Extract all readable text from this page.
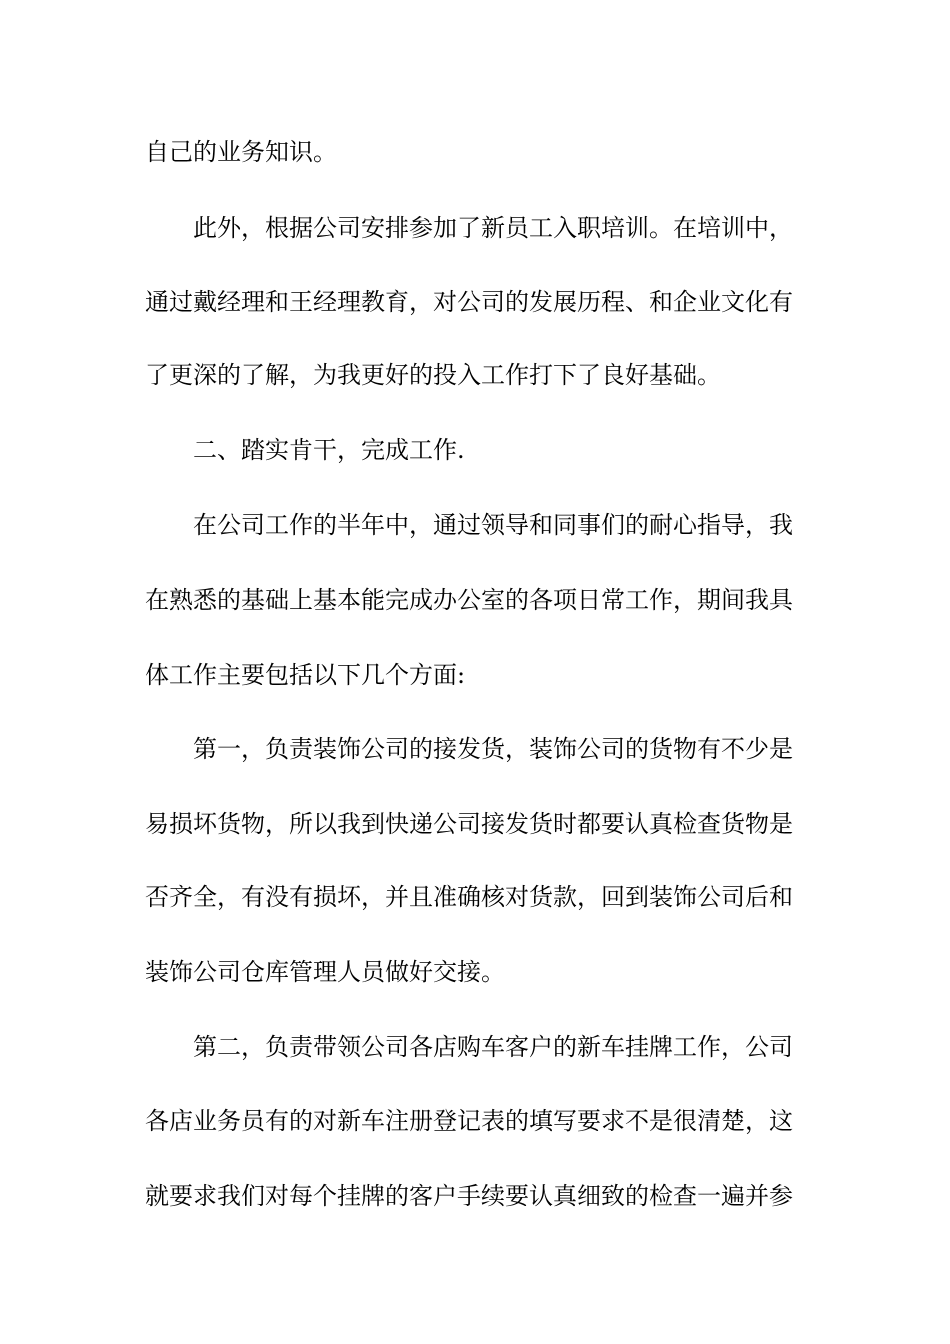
自己的业务知识。
此外，根据公司安排参加了新员工入职培训。在培训中，
通过戴经理和王经理教育，对公司的发展历程、和企业文化有
了更深的了解，为我更好的投入工作打下了良好基础。
二、踏实肯干，完成工作.
在公司工作的半年中，通过领导和同事们的耐心指导，我
在熟悉的基础上基本能完成办公室的各项日常工作，期间我具
体工作主要包括以下几个方面:
第一，负责装饰公司的接发货，装饰公司的货物有不少是
易损坏货物，所以我到快递公司接发货时都要认真检查货物是
否齐全，有没有损坏，并且准确核对货款，回到装饰公司后和
装饰公司仓库管理人员做好交接。
第二，负责带领公司各店购车客户的新车挂牌工作，公司
各店业务员有的对新车注册登记表的填写要求不是很清楚，这
就要求我们对每个挂牌的客户手续要认真细致的检查一遍并参
